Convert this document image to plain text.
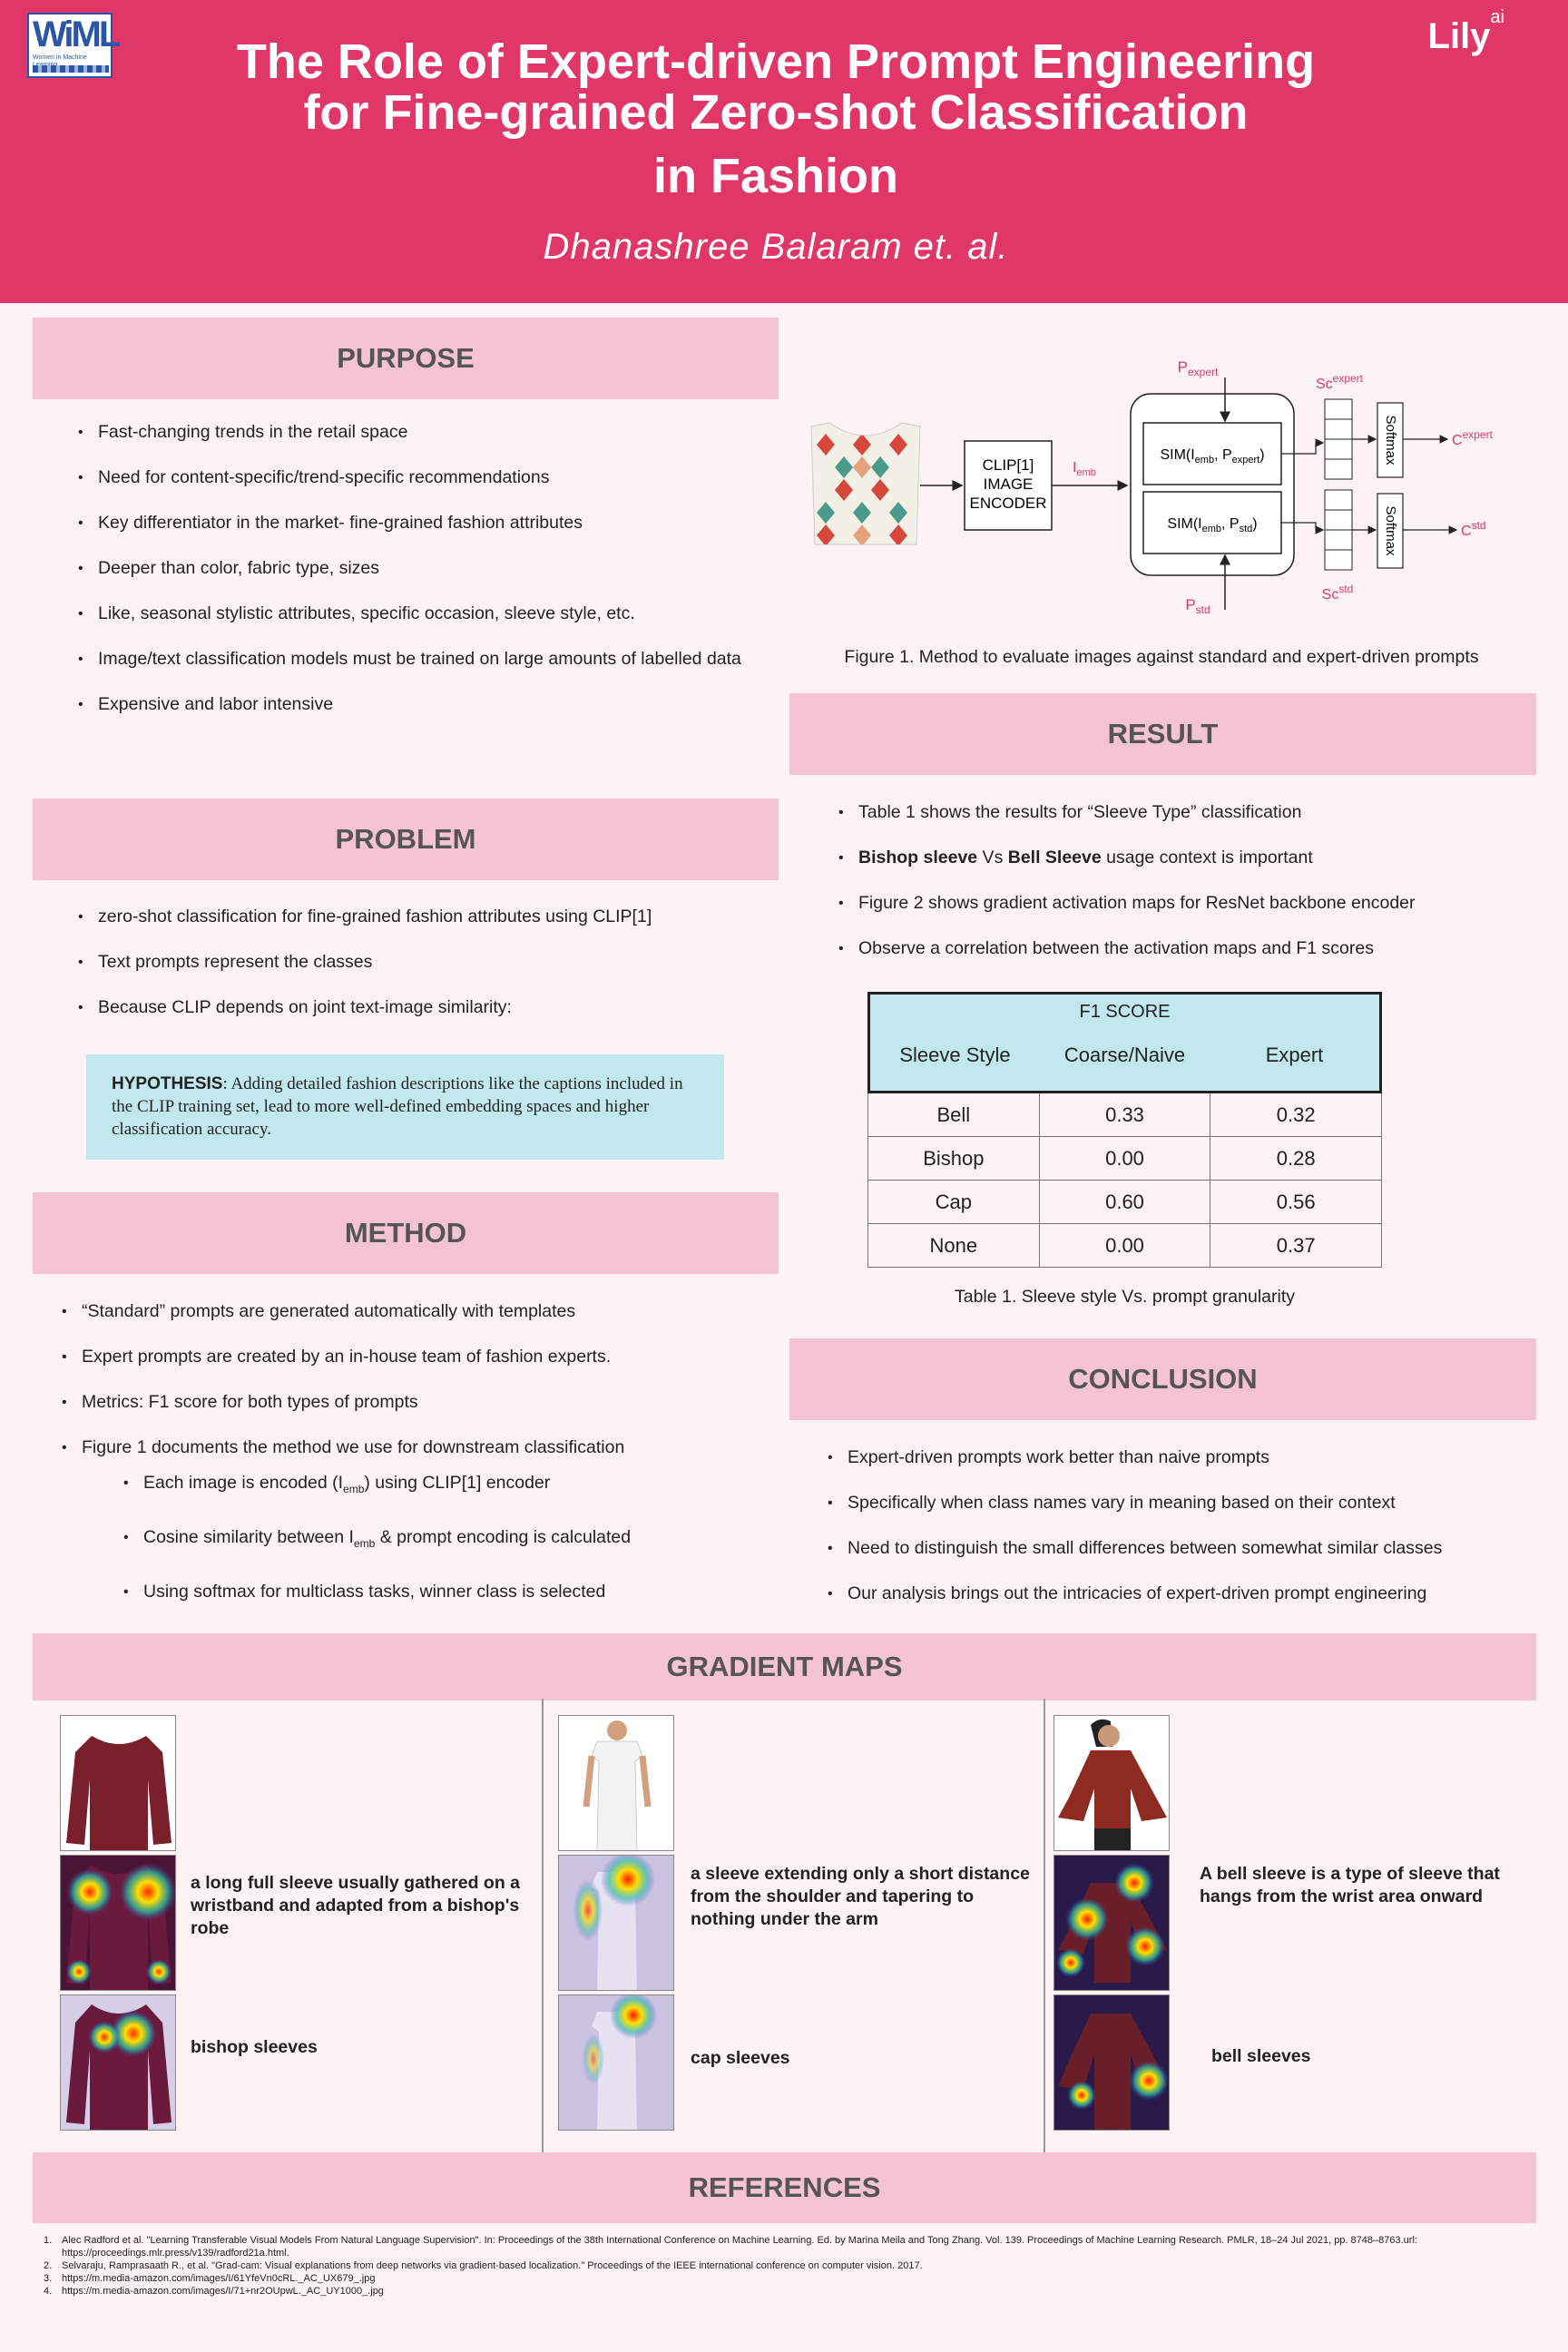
WiML
Women in Machine
Lily$^{ai}$
The Role of Expert-driven Prompt Engineering
for Fine-grained Zero-shot Classification
in Fashion
Dhanashree Balaram et. al.
PURPOSE
• Fast-changing trends in the retail space
• Need for content-specific/trend-specific recommendations
• Key differentiator in the market- fine-grained fashion attributes
• Deeper than color, fabric type, sizes
• Like, seasonal stylistic attributes, specific occasion, sleeve style, etc.
• Image/text classification models must be trained on large amounts of labelled data
• Expensive and labor intensive
PROBLEM
• zero-shot classification for fine-grained fashion attributes using CLIP[1]
• Text prompts represent the classes
• Because CLIP depends on joint text-image similarity:
HYPOTHESIS: Adding detailed fashion descriptions like the captions included in the CLIP training set, lead to more well-defined embedding spaces and higher classification accuracy.
METHOD
• “Standard” prompts are generated automatically with templates
• Expert prompts are created by an in-house team of fashion experts.
• Metrics: F1 score for both types of prompts
• Figure 1 documents the method we use for downstream classification
• Each image is encoded $(I_{emb})$ using CLIP[1] encoder
• Cosine similarity between $I_{emb}$ & prompt encoding is calculated
• Using softmax for multiclass tasks, winner class is selected
CLIP[1]
IMAGE
ENCODER
$I_{emb}$
$P_{expert}$
$SIM(I_{emb}$, $P_{expert}$)
$SIM(I_{emb}$, $P_{std}$)
$P_{std}$
$Sc^{expert}$
$Sc^{std}$
Softmax
Softmax
$C^{expert}$
$C^{std}$
Figure 1. Method to evaluate images against standard and expert-driven prompts
RESULT
• Table 1 shows the results for “Sleeve Type” classification
• Bishop sleeve Vs Bell Sleeve usage context is important
• Figure 2 shows gradient activation maps for ResNet backbone encoder
• Observe a correlation between the activation maps and F1 scores
F1 SCORE
Sleeve Style	Coarse/Naive	Expert
Bell	0.33	0.32
Bishop	0.00	0.28
Cap	0.60	0.56
None	0.00	0.37
Table 1. Sleeve style Vs. prompt granularity
CONCLUSION
• Expert-driven prompts work better than naive prompts
• Specifically when class names vary in meaning based on their context
• Need to distinguish the small differences between somewhat similar classes
• Our analysis brings out the intricacies of expert-driven prompt engineering
GRADIENT MAPS
a long full sleeve usually gathered on a wristband and adapted from a bishop's robe
bishop sleeves
a sleeve extending only a short distance from the shoulder and tapering to nothing under the arm
cap sleeves
A bell sleeve is a type of sleeve that hangs from the wrist area onward
bell sleeves
REFERENCES
1. Alec Radford et al. "Learning Transferable Visual Models From Natural Language Supervision". In: Proceedings of the 38th International Conference on Machine Learning. Ed. by Marina Meila and Tong Zhang. Vol. 139. Proceedings of Machine Learning Research. PMLR, 18–24 Jul 2021, pp. 8748–8763.url: https://proceedings.mlr.press/v139/radford21a.html.
2. Selvaraju, Ramprasaath R., et al. "Grad-cam: Visual explanations from deep networks via gradient-based localization." Proceedings of the IEEE international conference on computer vision. 2017.
3. https://m.media-amazon.com/images/I/61YfeVn0cRL._AC_UX679_.jpg
4. https://m.media-amazon.com/images/I/71+nr2OUpwL._AC_UY1000_.jpg
